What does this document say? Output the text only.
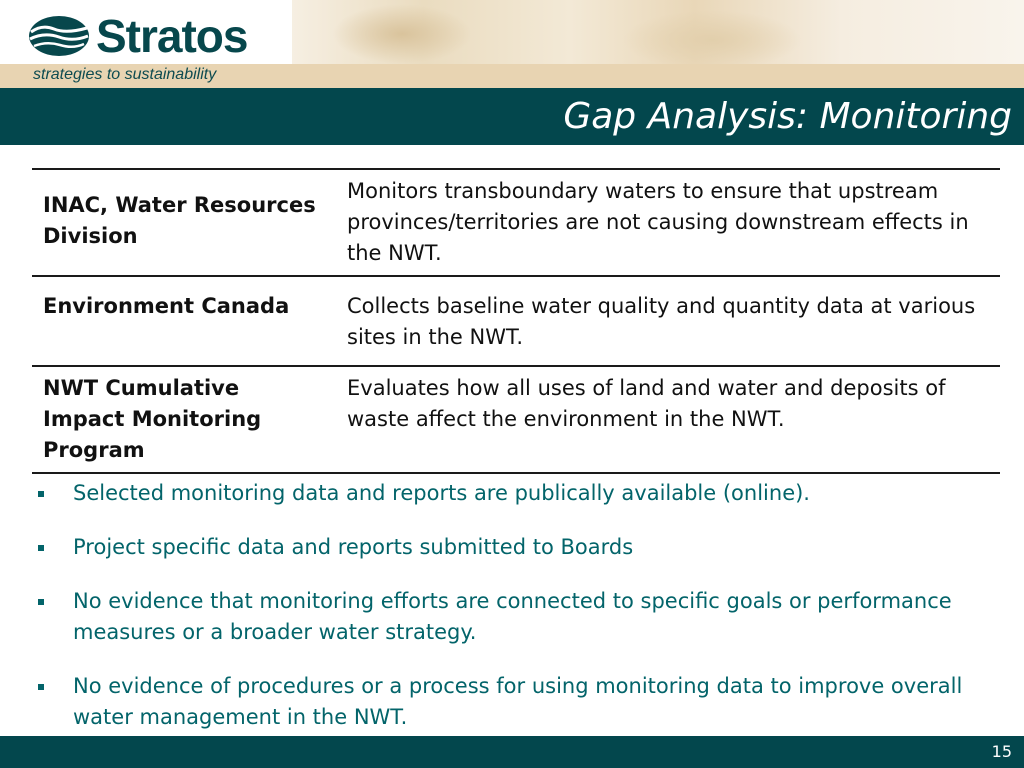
Stratos
strategies to sustainability
Gap Analysis: Monitoring
INAC, Water Resources Division	Monitors transboundary waters to ensure that upstream provinces/territories are not causing downstream effects in the NWT.
Environment Canada	Collects baseline water quality and quantity data at various sites in the NWT.
NWT Cumulative Impact Monitoring Program	Evaluates how all uses of land and water and deposits of waste affect the environment in the NWT.
Selected monitoring data and reports are publically available (online).
Project specific data and reports submitted to Boards
No evidence that monitoring efforts are connected to specific goals or performance measures or a broader water strategy.
No evidence of procedures or a process for using monitoring data to improve overall water management in the NWT.
15
